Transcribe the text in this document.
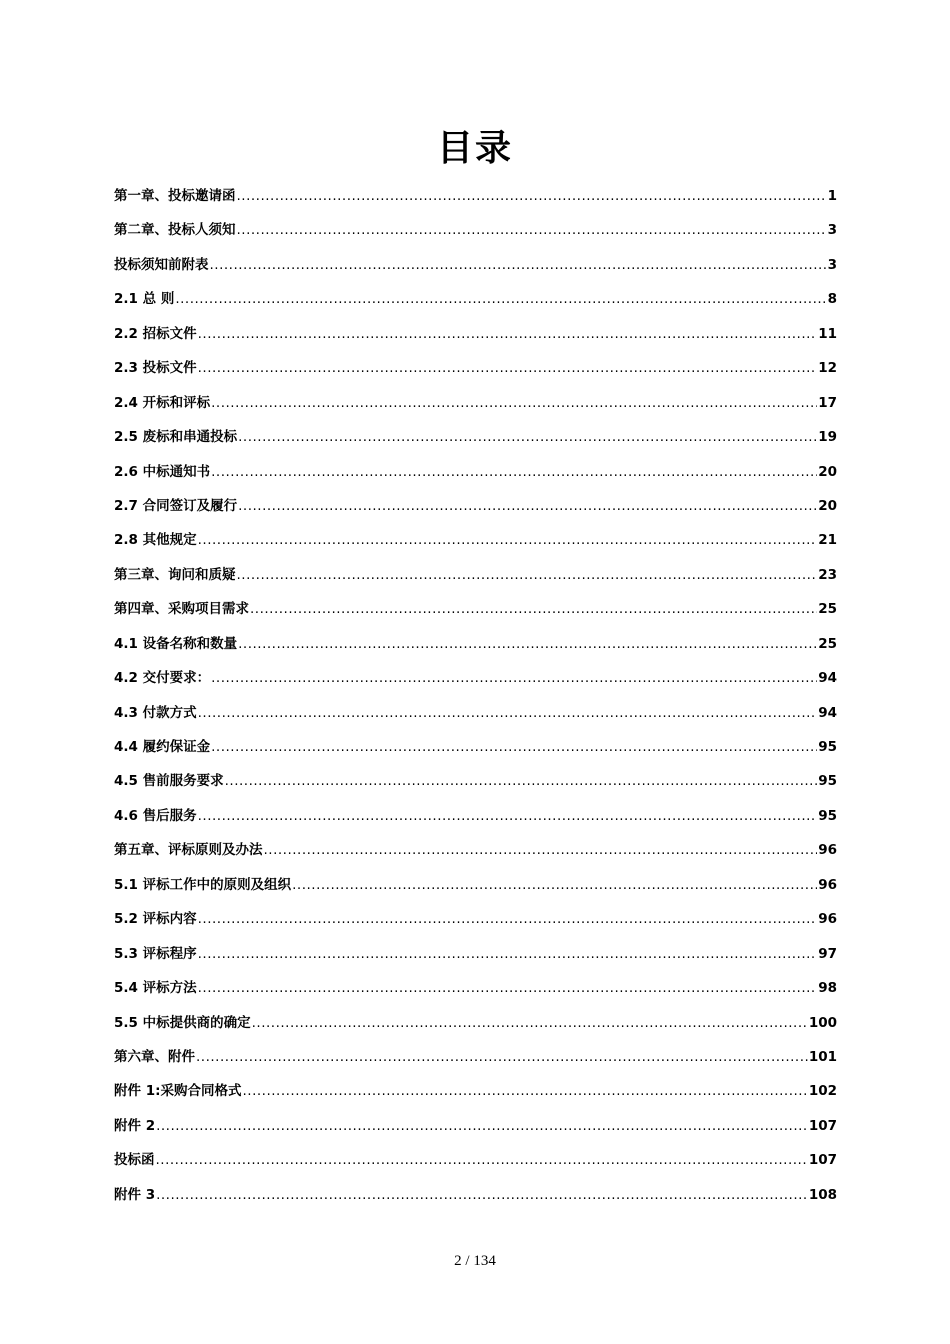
目录
第一章、投标邀请函 .....	1
第二章、投标人须知 .....	3
投标须知前附表 .....	3
2.1 总 则 .....	8
2.2 招标文件 .....	11
2.3 投标文件 .....	12
2.4 开标和评标 .....	17
2.5 废标和串通投标 .....	19
2.6 中标通知书 .....	20
2.7 合同签订及履行 .....	20
2.8 其他规定 .....	21
第三章、询问和质疑 .....	23
第四章、采购项目需求 .....	25
4.1 设备名称和数量 .....	25
4.2 交付要求： .....	94
4.3 付款方式 .....	94
4.4 履约保证金 .....	95
4.5 售前服务要求 .....	95
4.6 售后服务 .....	95
第五章、评标原则及办法 .....	96
5.1 评标工作中的原则及组织 .....	96
5.2 评标内容 .....	96
5.3 评标程序 .....	97
5.4 评标方法 .....	98
5.5 中标提供商的确定 .....	100
第六章、附件 .....	101
附件 1:采购合同格式 .....	102
附件 2 .....	107
投标函 .....	107
附件 3 .....	108
2 / 134
